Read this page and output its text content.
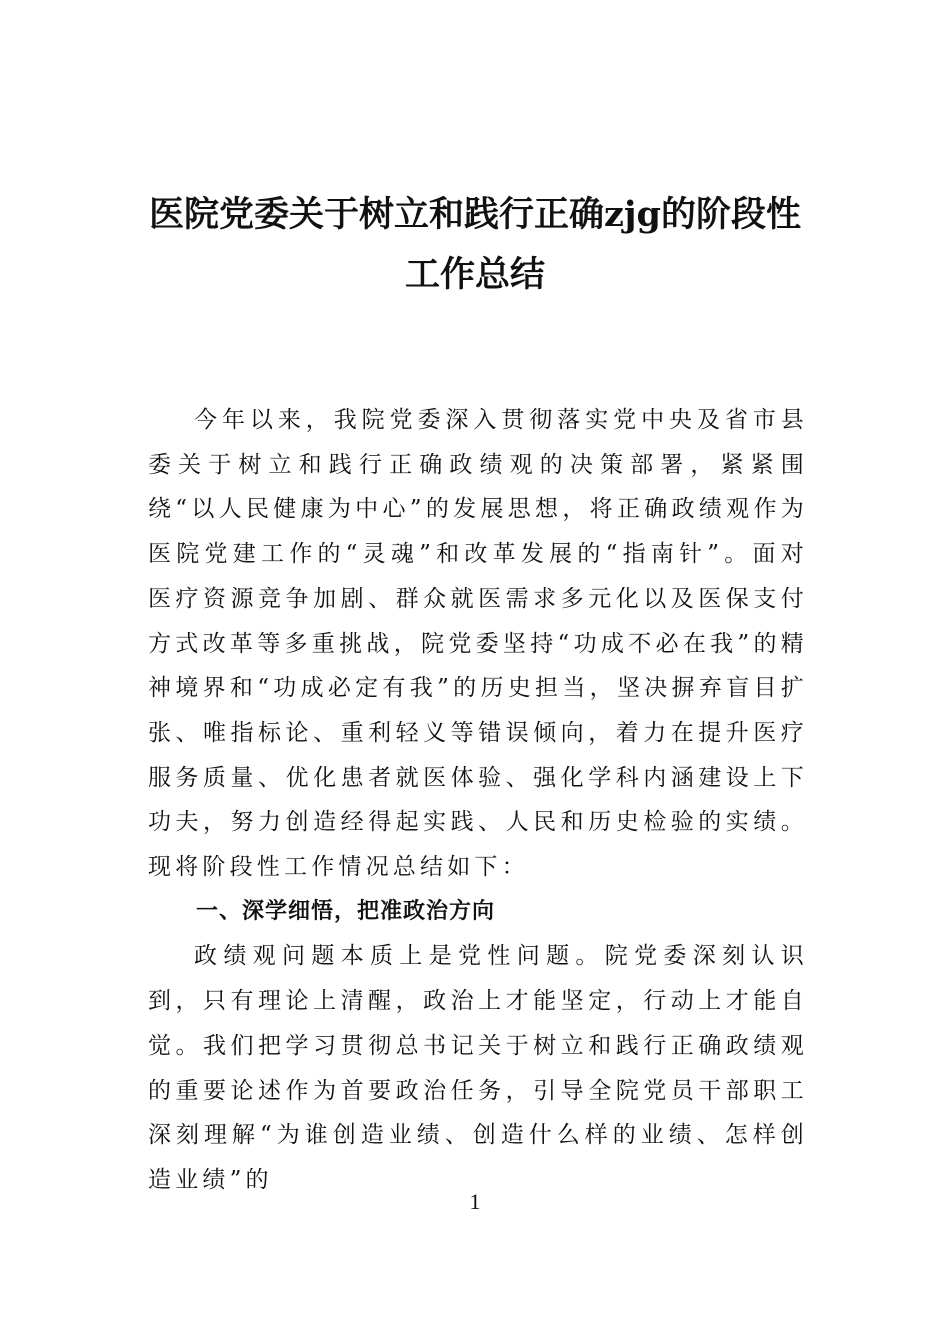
医院党委关于树立和践行正确zjg的阶段性
工作总结

今年以来，我院党委深入贯彻落实党中央及省市县委关于树立和践行正确政绩观的决策部署，紧紧围绕“以人民健康为中心”的发展思想，将正确政绩观作为医院党建工作的“灵魂”和改革发展的“指南针”。面对医疗资源竞争加剧、群众就医需求多元化以及医保支付方式改革等多重挑战，院党委坚持“功成不必在我”的精神境界和“功成必定有我”的历史担当，坚决摒弃盲目扩张、唯指标论、重利轻义等错误倾向，着力在提升医疗服务质量、优化患者就医体验、强化学科内涵建设上下功夫，努力创造经得起实践、人民和历史检验的实绩。现将阶段性工作情况总结如下：

一、深学细悟，把准政治方向

政绩观问题本质上是党性问题。院党委深刻认识到，只有理论上清醒，政治上才能坚定，行动上才能自觉。我们把学习贯彻总书记关于树立和践行正确政绩观的重要论述作为首要政治任务，引导全院党员干部职工深刻理解“为谁创造业绩、创造什么样的业绩、怎样创造业绩”的

1
